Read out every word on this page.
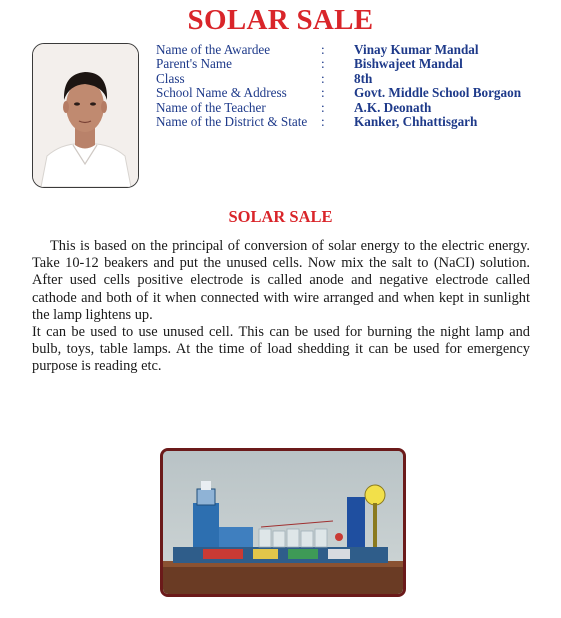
SOLAR SALE
Name of the Awardee	:	Vinay Kumar Mandal
Parent's Name	:	Bishwajeet Mandal
Class	:	8th
School Name & Address	:	Govt. Middle School Borgaon
Name of the Teacher	:	A.K. Deonath
Name of the District & State	:	Kanker, Chhattisgarh
SOLAR SALE

This is based on the principal of conversion of solar energy to the electric energy. Take 10-12 beakers and put the unused cells. Now mix the salt to (NaCI) solution. After used cells positive electrode is called anode and negative electrode called cathode and both of it when connected with wire arranged and when kept in sunlight the lamp lightens up.

It can be used to use unused cell. This can be used for burning the night lamp and bulb, toys, table lamps. At the time of load shedding it can be used for emergency purpose is reading etc.
